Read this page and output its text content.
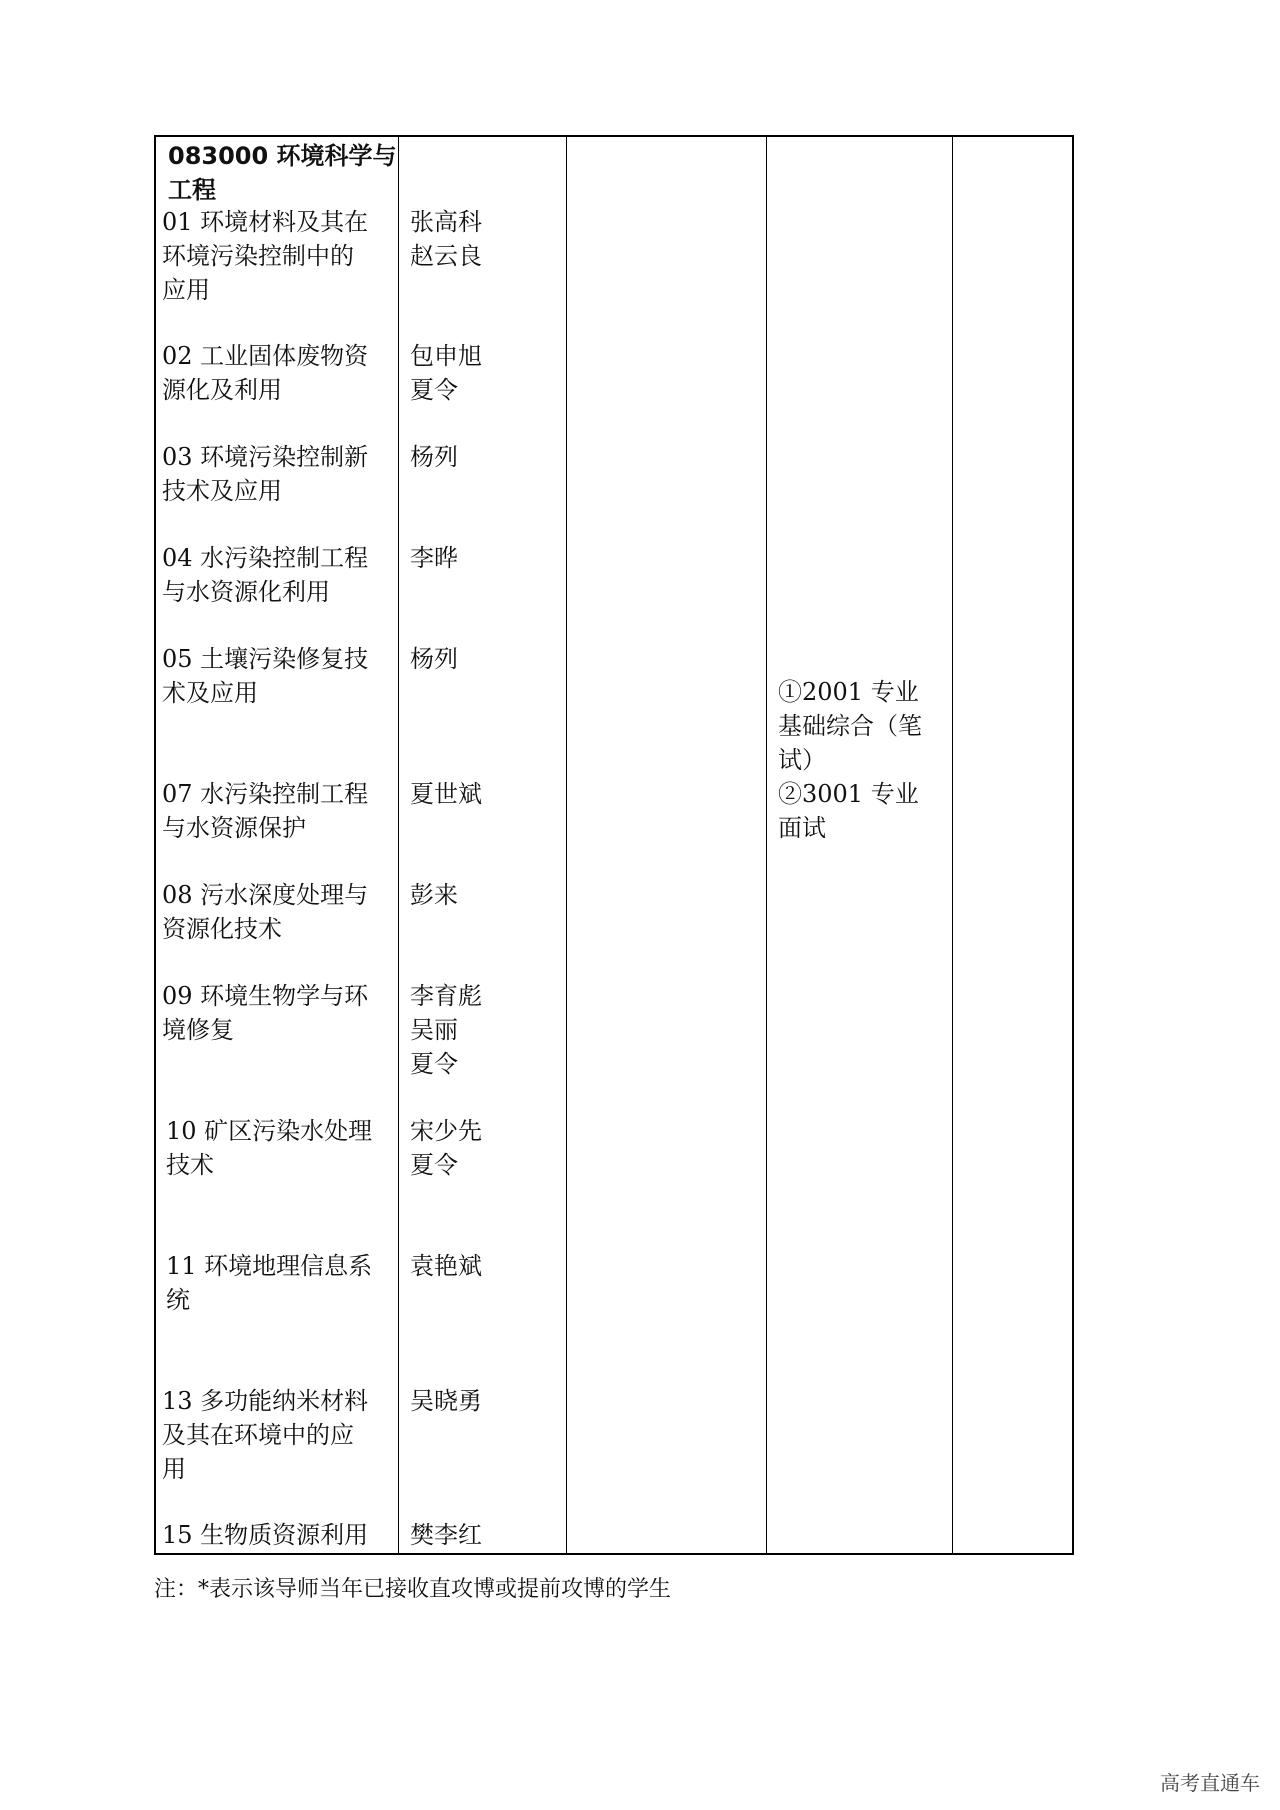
083000 环境科学与
工程
01 环境材料及其在
环境污染控制中的
应用
张高科
赵云良
02 工业固体废物资
源化及利用
包申旭
夏令
03 环境污染控制新
技术及应用
杨列
04 水污染控制工程
与水资源化利用
李晔
05 土壤污染修复技
术及应用
杨列
07 水污染控制工程
与水资源保护
夏世斌
08 污水深度处理与
资源化技术
彭来
09 环境生物学与环
境修复
李育彪
吴丽
夏令
10 矿区污染水处理
技术
宋少先
夏令
11 环境地理信息系
统
袁艳斌
13 多功能纳米材料
及其在环境中的应
用
吴晓勇
15 生物质资源利用 樊李红
①2001 专业
基础综合（笔
试）
②3001 专业
面试
注：*表示该导师当年已接收直攻博或提前攻博的学生
高考直通车
